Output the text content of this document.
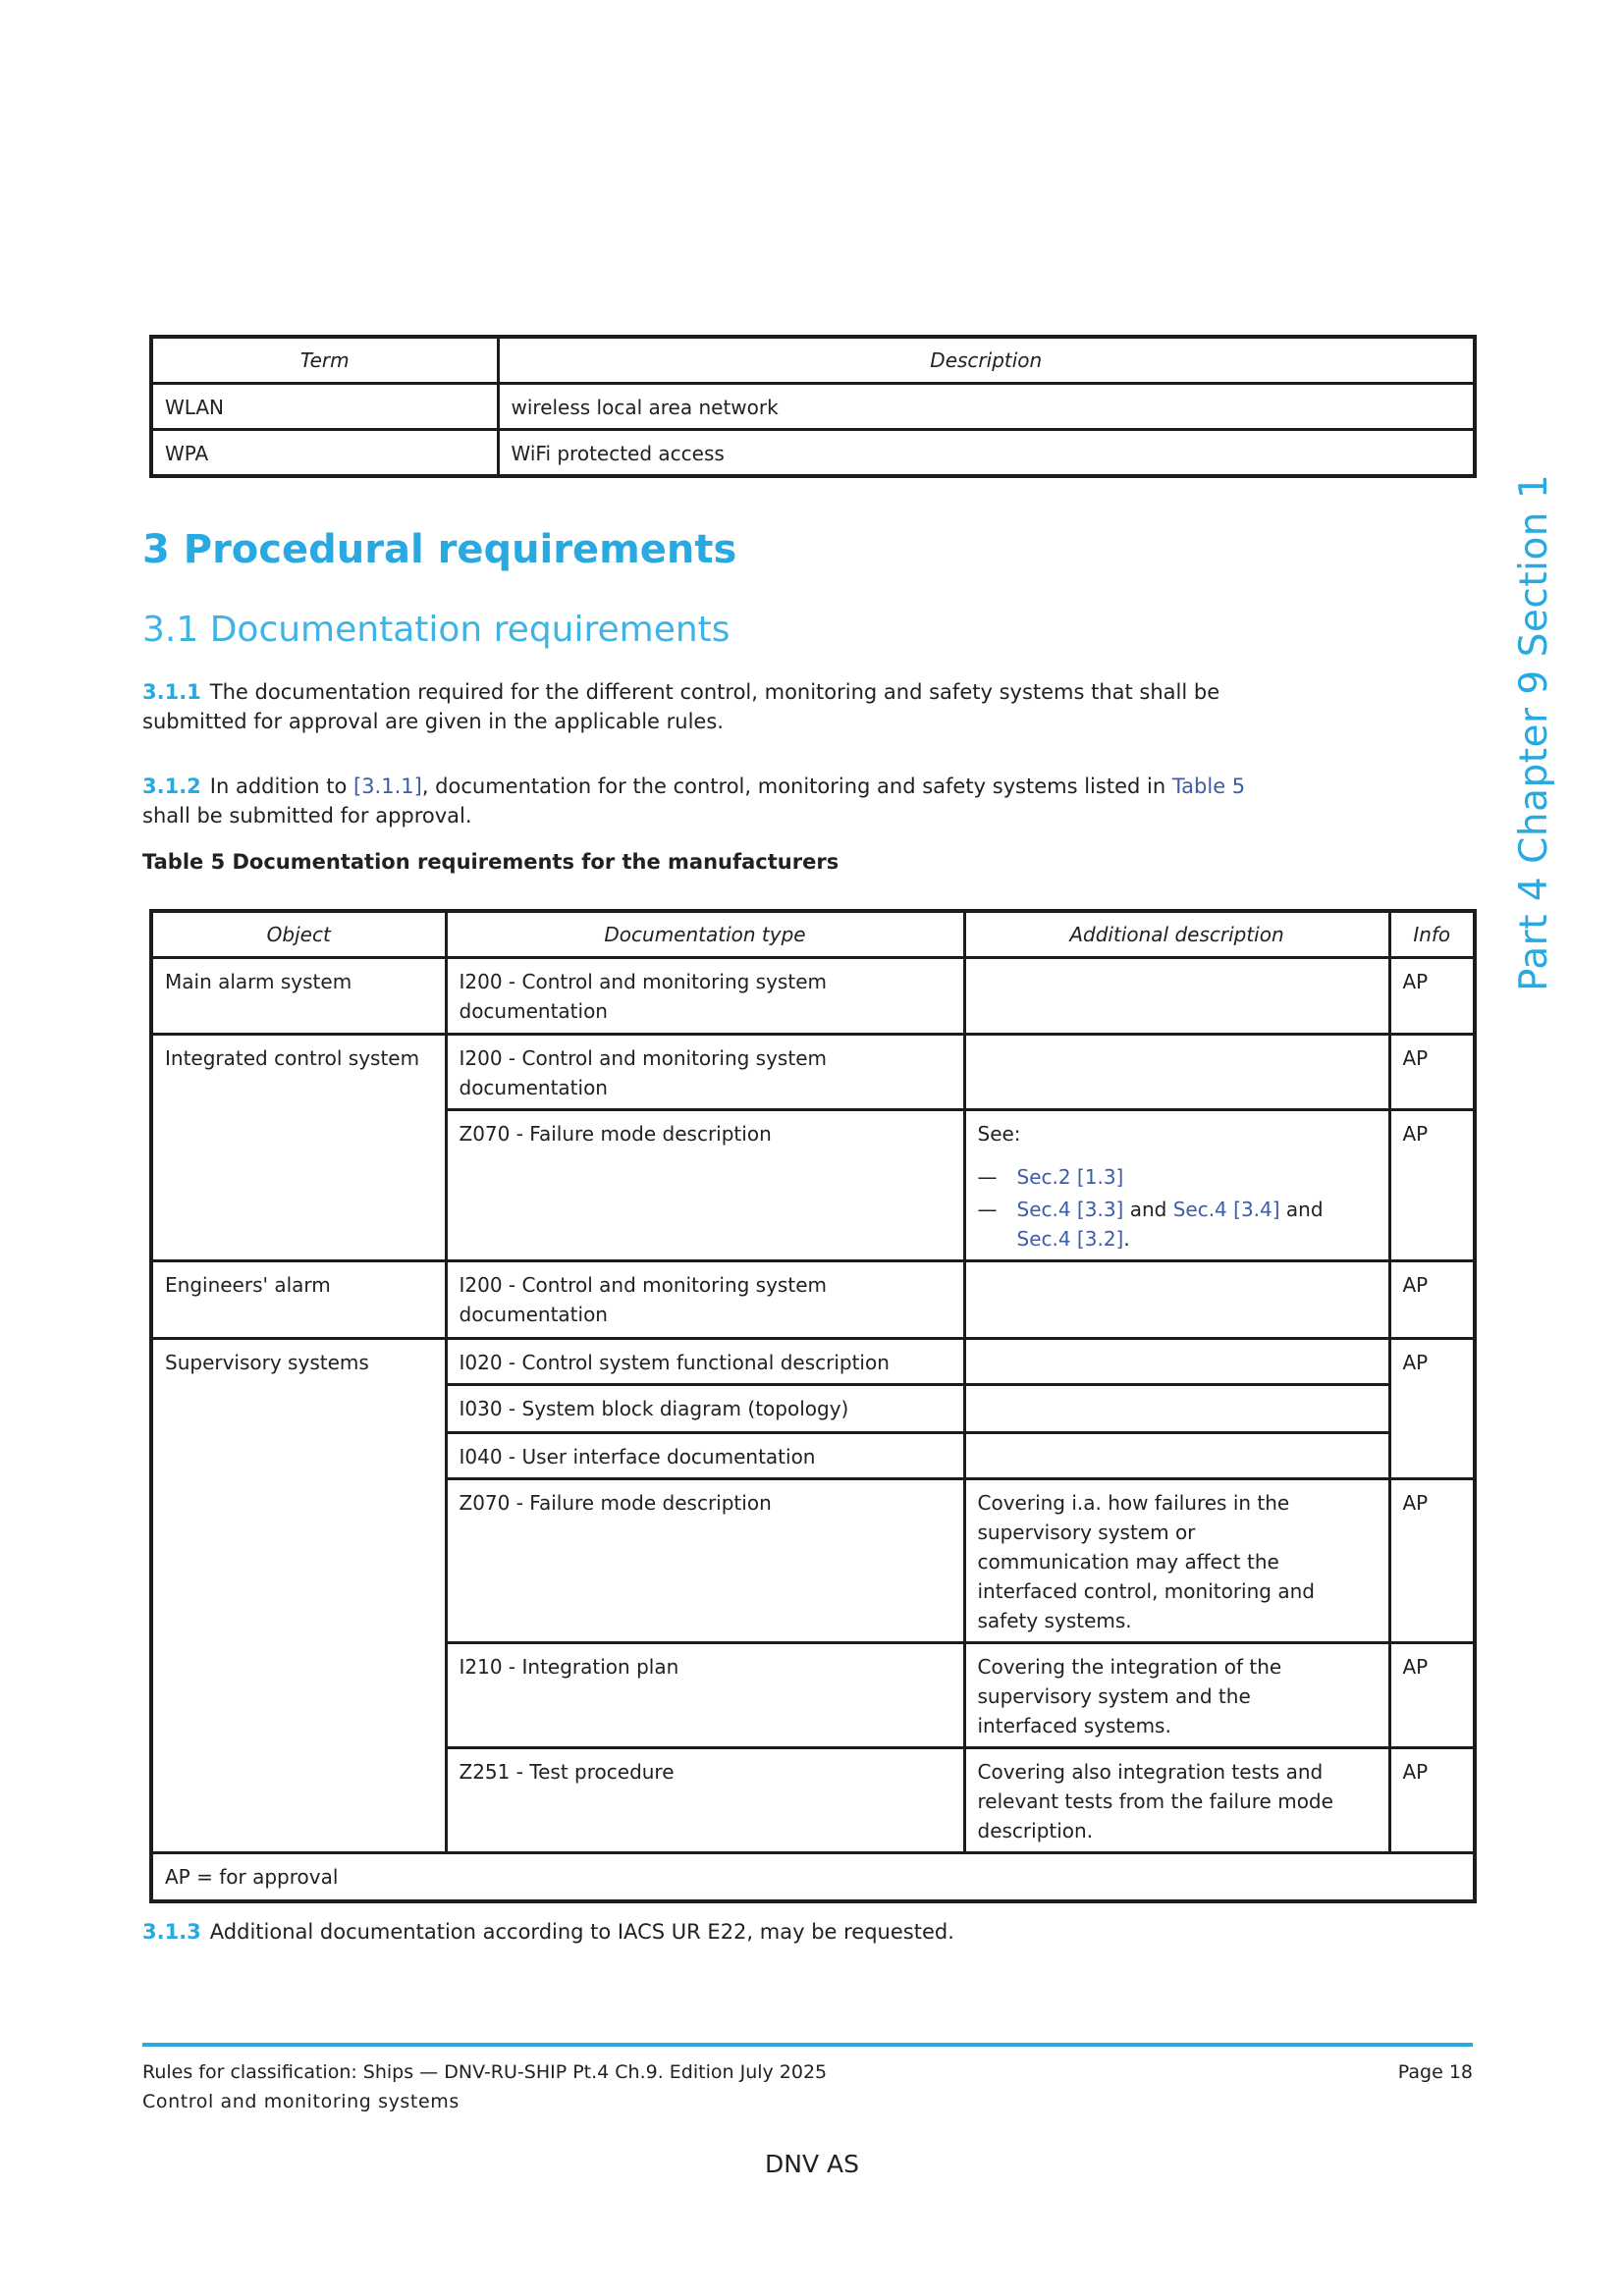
Part 4 Chapter 9 Section 1
Term	Description
WLAN	wireless local area network
WPA	WiFi protected access
3 Procedural requirements
3.1 Documentation requirements
3.1.1 The documentation required for the different control, monitoring and safety systems that shall be
submitted for approval are given in the applicable rules.
3.1.2 In addition to [3.1.1], documentation for the control, monitoring and safety systems listed in Table 5
shall be submitted for approval.
Table 5 Documentation requirements for the manufacturers
Object	Documentation type	Additional description	Info
Main alarm system	I200 - Control and monitoring system documentation		AP
Integrated control system	I200 - Control and monitoring system documentation		AP
	Z070 - Failure mode description	See:
— Sec.2 [1.3]
— Sec.4 [3.3] and Sec.4 [3.4] and Sec.4 [3.2].	AP
Engineers' alarm	I200 - Control and monitoring system documentation		AP
Supervisory systems	I020 - Control system functional description		AP
	I030 - System block diagram (topology)		
	I040 - User interface documentation		
	Z070 - Failure mode description	Covering i.a. how failures in the supervisory system or communication may affect the interfaced control, monitoring and safety systems.	AP
	I210 - Integration plan	Covering the integration of the supervisory system and the interfaced systems.	AP
	Z251 - Test procedure	Covering also integration tests and relevant tests from the failure mode description.	AP
AP = for approval			
3.1.3 Additional documentation according to IACS UR E22, may be requested.
Rules for classification: Ships — DNV-RU-SHIP Pt.4 Ch.9. Edition July 2025	Page 18
Control and monitoring systems
DNV AS
